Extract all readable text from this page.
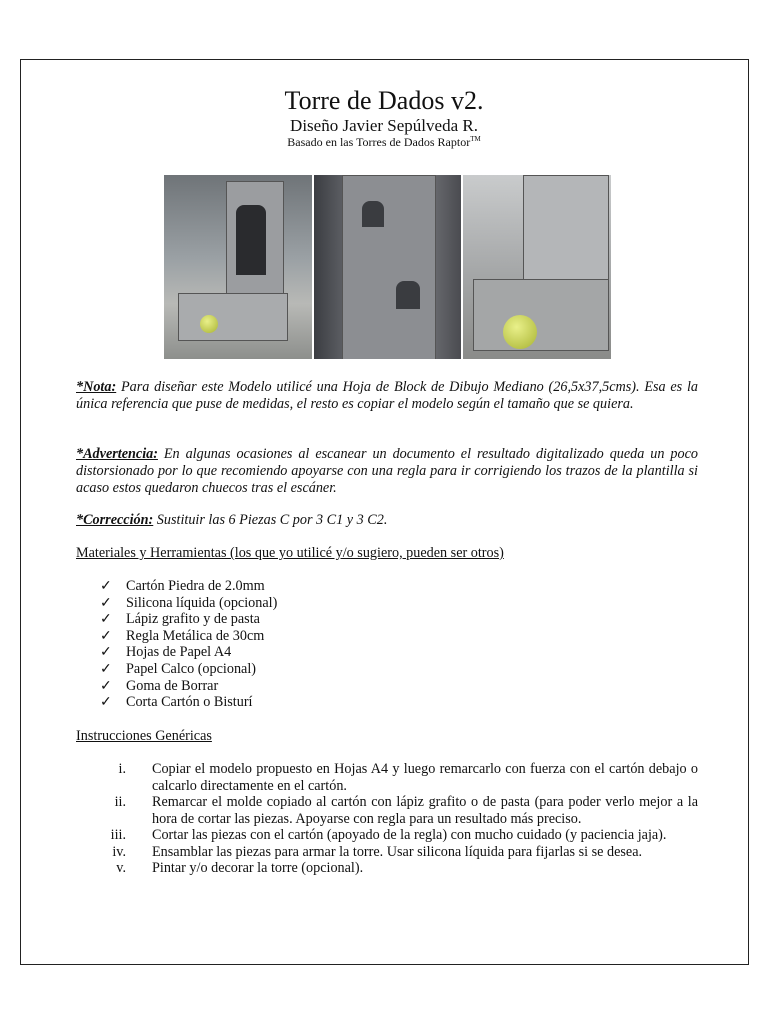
Torre de Dados v2.
Diseño Javier Sepúlveda R.
Basado en las Torres de Dados Raptor™
*Nota: Para diseñar este Modelo utilicé una Hoja de Block de Dibujo Mediano (26,5x37,5cms). Esa es la única referencia que puse de medidas, el resto es copiar el modelo según el tamaño que se quiera.
*Advertencia: En algunas ocasiones al escanear un documento el resultado digitalizado queda un poco distorsionado por lo que recomiendo apoyarse con una regla para ir corrigiendo los trazos de la plantilla si acaso estos quedaron chuecos tras el escáner.
*Corrección: Sustituir las 6 Piezas C por 3 C1 y 3 C2.
Materiales y Herramientas (los que yo utilicé y/o sugiero, pueden ser otros)
✓ Cartón Piedra de 2.0mm
✓ Silicona líquida (opcional)
✓ Lápiz grafito y de pasta
✓ Regla Metálica de 30cm
✓ Hojas de Papel A4
✓ Papel Calco (opcional)
✓ Goma de Borrar
✓ Corta Cartón o Bisturí
Instrucciones Genéricas
i. Copiar el modelo propuesto en Hojas A4 y luego remarcarlo con fuerza con el cartón debajo o calcarlo directamente en el cartón.
ii. Remarcar el molde copiado al cartón con lápiz grafito o de pasta (para poder verlo mejor a la hora de cortar las piezas. Apoyarse con regla para un resultado más preciso.
iii. Cortar las piezas con el cartón (apoyado de la regla) con mucho cuidado (y paciencia jaja).
iv. Ensamblar las piezas para armar la torre. Usar silicona líquida para fijarlas si se desea.
v. Pintar y/o decorar la torre (opcional).
